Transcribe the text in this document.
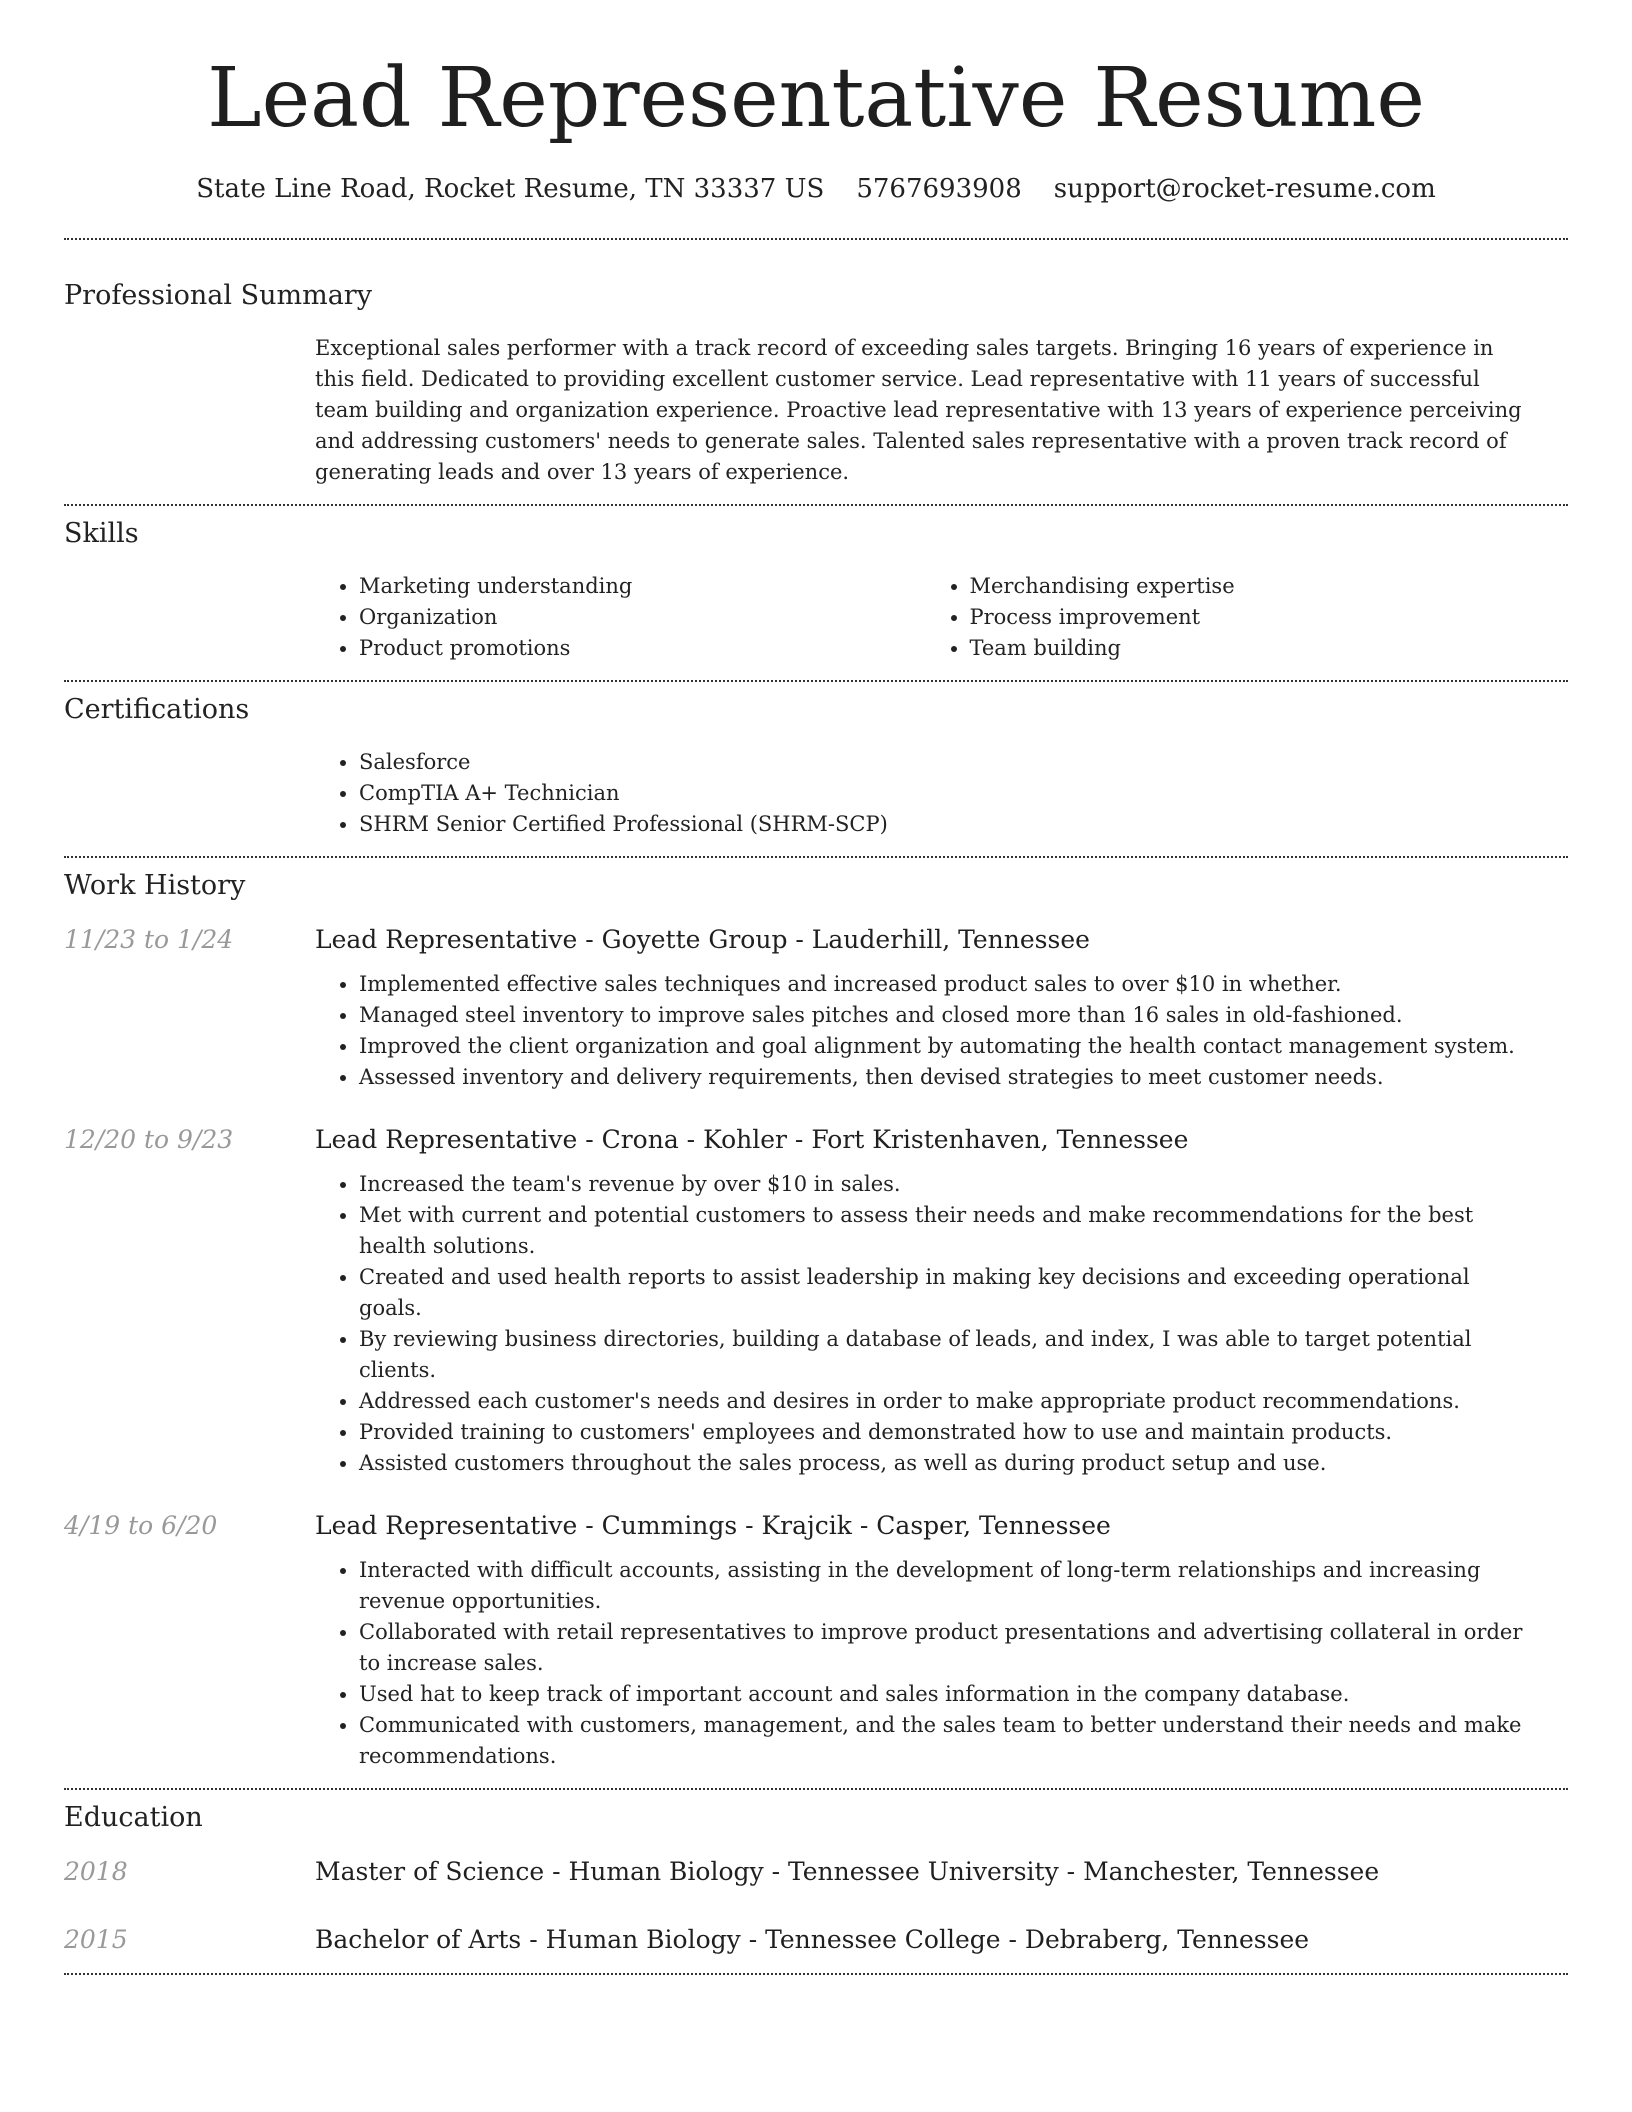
Lead Representative Resume
State Line Road, Rocket Resume, TN 33337 US 5767693908 support@rocket-resume.com
Professional Summary

Exceptional sales performer with a track record of exceeding sales targets. Bringing 16 years of experience in this field. Dedicated to providing excellent customer service. Lead representative with 11 years of successful team building and organization experience. Proactive lead representative with 13 years of experience perceiving and addressing customers' needs to generate sales. Talented sales representative with a proven track record of generating leads and over 13 years of experience.

Skills
• Marketing understanding
• Organization
• Product promotions
• Merchandising expertise
• Process improvement
• Team building
Certifications
• Salesforce
• CompTIA A+ Technician
• SHRM Senior Certified Professional (SHRM-SCP)
Work History
11/23 to 1/24	Lead Representative - Goyette Group - Lauderhill, Tennessee
• Implemented effective sales techniques and increased product sales to over $10 in whether.
• Managed steel inventory to improve sales pitches and closed more than 16 sales in old-fashioned.
• Improved the client organization and goal alignment by automating the health contact management system.
• Assessed inventory and delivery requirements, then devised strategies to meet customer needs.
12/20 to 9/23	Lead Representative - Crona - Kohler - Fort Kristenhaven, Tennessee
• Increased the team's revenue by over $10 in sales.
• Met with current and potential customers to assess their needs and make recommendations for the best health solutions.
• Created and used health reports to assist leadership in making key decisions and exceeding operational goals.
• By reviewing business directories, building a database of leads, and index, I was able to target potential clients.
• Addressed each customer's needs and desires in order to make appropriate product recommendations.
• Provided training to customers' employees and demonstrated how to use and maintain products.
• Assisted customers throughout the sales process, as well as during product setup and use.
4/19 to 6/20	Lead Representative - Cummings - Krajcik - Casper, Tennessee
• Interacted with difficult accounts, assisting in the development of long-term relationships and increasing revenue opportunities.
• Collaborated with retail representatives to improve product presentations and advertising collateral in order to increase sales.
• Used hat to keep track of important account and sales information in the company database.
• Communicated with customers, management, and the sales team to better understand their needs and make recommendations.
Education
2018	Master of Science - Human Biology - Tennessee University - Manchester, Tennessee
2015	Bachelor of Arts - Human Biology - Tennessee College - Debraberg, Tennessee
